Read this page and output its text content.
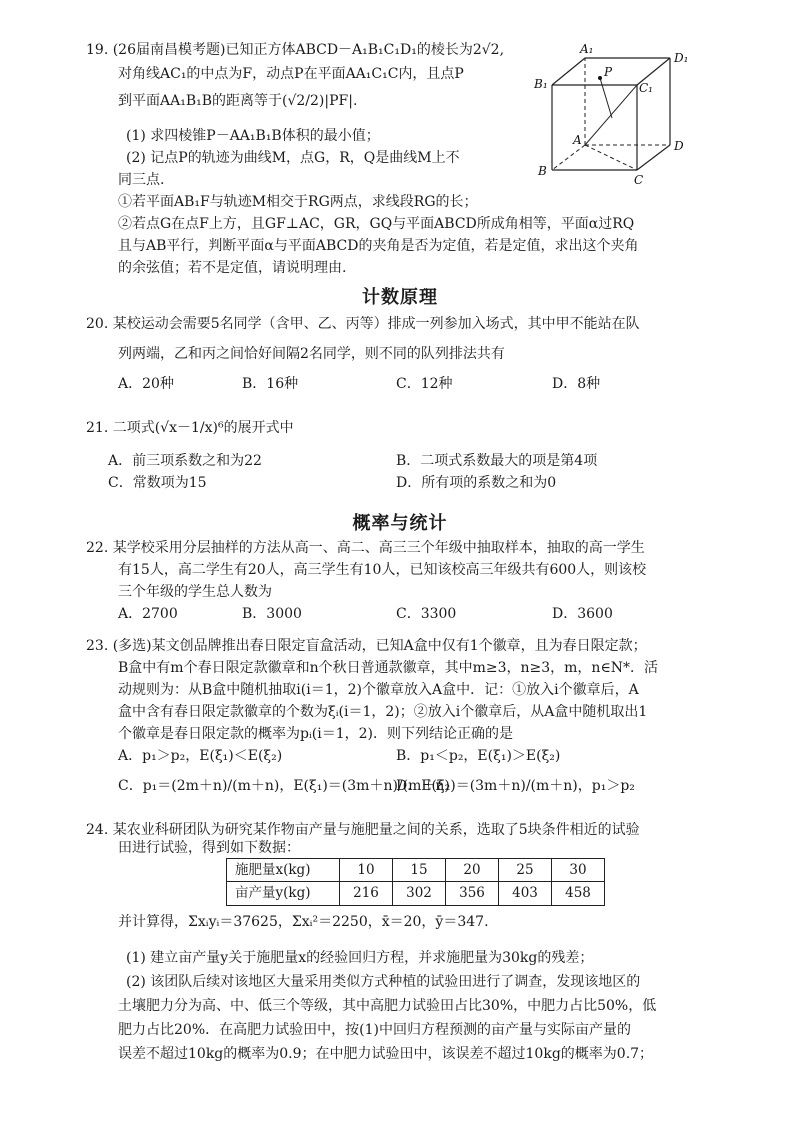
19. (26届南昌模考题)已知正方体ABCD－A₁B₁C₁D₁的棱长为2√2,
对角线AC₁的中点为F，动点P在平面AA₁C₁C内，且点P
到平面AA₁B₁B的距离等于(√2/2)|PF|.
(1) 求四棱锥P－AA₁B₁B体积的最小值；
(2) 记点P的轨迹为曲线M，点G，R，Q是曲线M上不
同三点.
①若平面AB₁F与轨迹M相交于RG两点，求线段RG的长；
②若点G在点F上方，且GF⊥AC，GR，GQ与平面ABCD所成角相等，平面α过RQ
且与AB平行，判断平面α与平面ABCD的夹角是否为定值，若是定值，求出这个夹角
的余弦值；若不是定值，请说明理由.
A₁
D₁
B₁	C₁
P
A	D
B
C
计数原理
20. 某校运动会需要5名同学（含甲、乙、丙等）排成一列参加入场式，其中甲不能站在队
列两端，乙和丙之间恰好间隔2名同学，则不同的队列排法共有
A．20种	B．16种	C．12种	D．8种
21. 二项式(√x－1/x)⁶的展开式中
A．前三项系数之和为22	B．二项式系数最大的项是第4项
C．常数项为15	D．所有项的系数之和为0
概率与统计
22. 某学校采用分层抽样的方法从高一、高二、高三三个年级中抽取样本，抽取的高一学生
有15人，高二学生有20人，高三学生有10人，已知该校高三年级共有600人，则该校
三个年级的学生总人数为
A．2700	B．3000	C．3300	D．3600
23. (多选)某文创品牌推出春日限定盲盒活动，已知A盒中仅有1个徽章，且为春日限定款；
B盒中有m个春日限定款徽章和n个秋日普通款徽章，其中m≥3，n≥3，m，n∈N*．活
动规则为：从B盒中随机抽取i(i＝1，2)个徽章放入A盒中．记：①放入i个徽章后，A
盒中含有春日限定款徽章的个数为ξᵢ(i＝1，2)；②放入i个徽章后，从A盒中随机取出1
个徽章是春日限定款的概率为pᵢ(i＝1，2)．则下列结论正确的是
A．p₁＞p₂，E(ξ₁)＜E(ξ₂)	B．p₁＜p₂，E(ξ₁)＞E(ξ₂)
C．p₁＝(2m＋n)/(m＋n)，E(ξ₁)＝(3m＋n)/(m＋n)
D．E(ξ₂)＝(3m＋n)/(m＋n)，p₁＞p₂
24. 某农业科研团队为研究某作物亩产量与施肥量之间的关系，选取了5块条件相近的试验
田进行试验，得到如下数据：
施肥量x(kg)	10	15	20	25	30
亩产量y(kg)	216	302	356	403	458
并计算得，Σxᵢyᵢ＝37625，Σxᵢ²＝2250，x̄＝20，ȳ＝347.
(1) 建立亩产量y关于施肥量x的经验回归方程，并求施肥量为30kg的残差；
(2) 该团队后续对该地区大量采用类似方式种植的试验田进行了调查，发现该地区的
土壤肥力分为高、中、低三个等级，其中高肥力试验田占比30%，中肥力占比50%，低
肥力占比20%．在高肥力试验田中，按(1)中回归方程预测的亩产量与实际亩产量的
误差不超过10kg的概率为0.9；在中肥力试验田中，该误差不超过10kg的概率为0.7；
